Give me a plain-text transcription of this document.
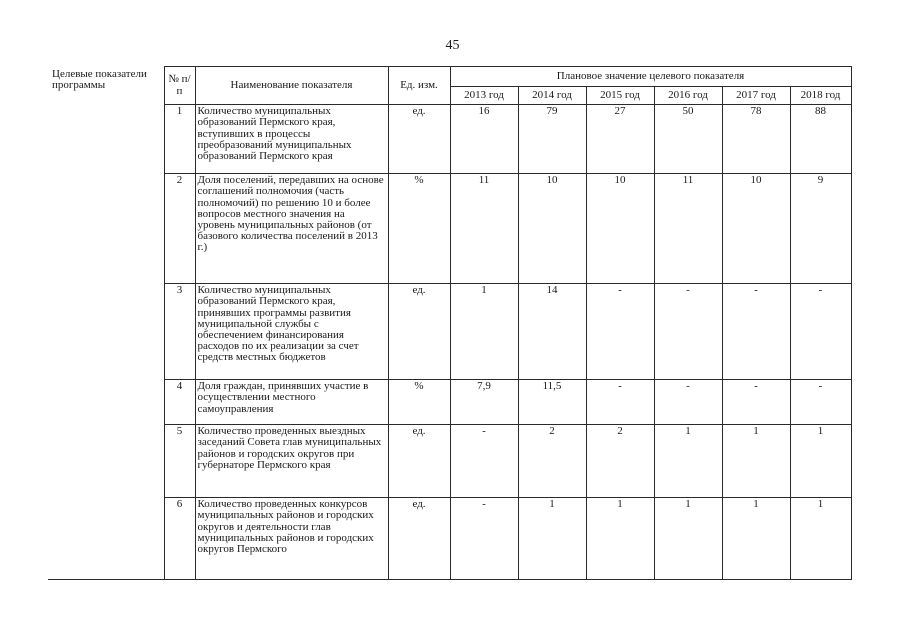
45
Целевые показатели программы	№ п/п	Наименование показателя	Ед. изм.	Плановое значение целевого показателя					
				2013 год	2014 год	2015 год	2016 год	2017 год	2018 год
	1	Количество муниципальных образований Пермского края, вступивших в процессы преобразований муниципальных образований Пермского края	ед.	16	79	27	50	78	88
	2	Доля поселений, передавших на основе соглашений полномочия (часть полномочий) по решению 10 и более вопросов местного значения на уровень муниципальных районов (от базового количества поселений в 2013 г.)	%	11	10	10	11	10	9
	3	Количество муниципальных образований Пермского края, принявших программы развития муниципальной службы с обеспечением финансирования расходов по их реализации за счет средств местных бюджетов	ед.	1	14	-	-	-	-
	4	Доля граждан, принявших участие в осуществлении местного самоуправления	%	7,9	11,5	-	-	-	-
	5	Количество проведенных выездных заседаний Совета глав муниципальных районов и городских округов при губернаторе Пермского края	ед.	-	2	2	1	1	1
	6	Количество проведенных конкурсов муниципальных районов и городских округов и деятельности глав муниципальных районов и городских округов Пермского	ед.	-	1	1	1	1	1
